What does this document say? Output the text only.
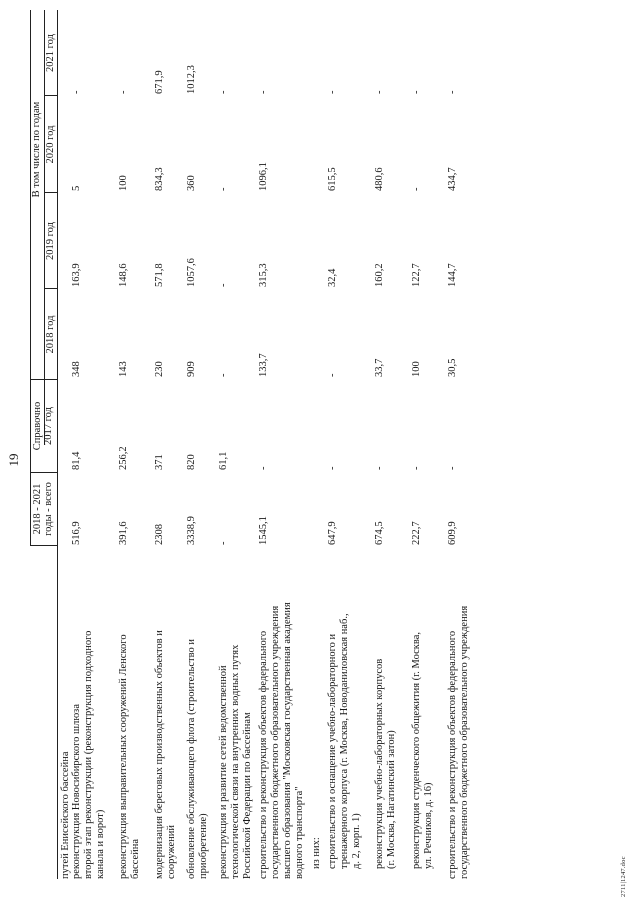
19
2018 - 2021 годы - всего
Справочно 2017 год
2018 год
В том числе по годам
2019 год
2020 год
2021 год
путей Енисейского бассейна реконструкция Новосибирского шлюза второй этап реконструкции (реконструкция подходного канала и ворот)
516,9
81,4
348
163,9
5
-
реконструкция выправительных сооружений Ленского бассейна
391,6
256,2
143
148,6
100
-
модернизация береговых производственных объектов и сооружений
2308
371
230
571,8
834,3
671,9
обновление обслуживающего флота (строительство и приобретение)
3338,9
820
909
1057,6
360
1012,3
реконструкция и развитие сетей ведомственной технологической связи на внутренних водных путях Российской Федерации по бассейнам
-
61,1
-
-
-
-
строительство и реконструкция объектов федерального государственного бюджетного образовательного учреждения высшего образования "Московская государственная академия водного транспорта"
1545,1
-
133,7
315,3
1096,1
-
из них: строительство и оснащение учебно-лабораторного и тренажерного корпуса (г. Москва, Новоданиловская наб., д. 2, корп. 1)
647,9
-
-
32,4
615,5
-
реконструкция учебно-лабораторных корпусов (г. Москва, Нагатинский затон)
674,5
-
33,7
160,2
480,6
-
реконструкция студенческого общежития (г. Москва, ул. Речников, д. 16)
222,7
-
100
122,7
-
-
строительство и реконструкция объектов федерального государственного бюджетного образовательного учреждения
609,9
-
30,5
144,7
434,7
-
2711|1247.doc
